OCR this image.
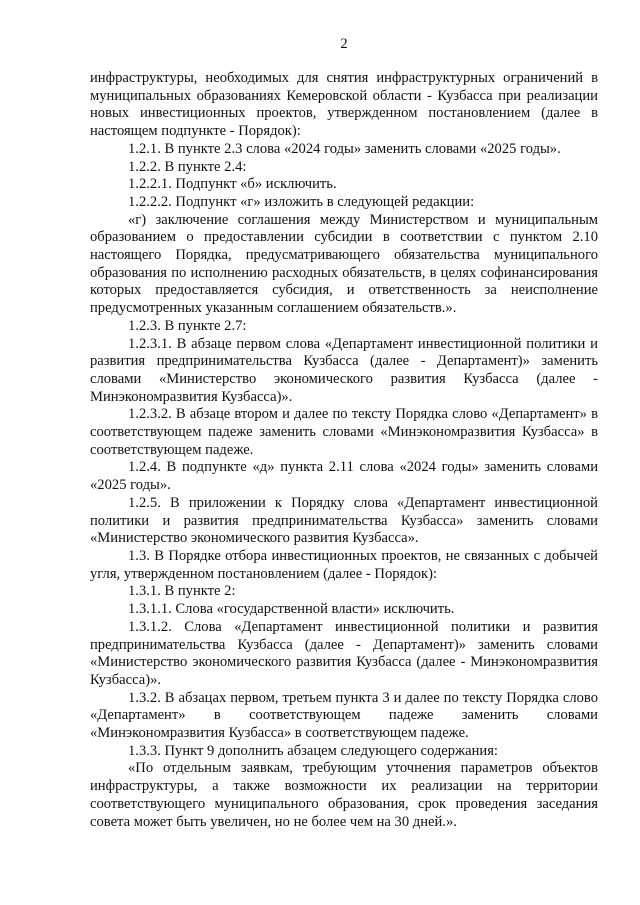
2

инфраструктуры, необходимых для снятия инфраструктурных ограничений в муниципальных образованиях Кемеровской области - Кузбасса при реализации новых инвестиционных проектов, утвержденном постановлением (далее в настоящем подпункте - Порядок):

1.2.1. В пункте 2.3 слова «2024 годы» заменить словами «2025 годы».

1.2.2. В пункте 2.4:

1.2.2.1. Подпункт «б» исключить.

1.2.2.2. Подпункт «г» изложить в следующей редакции:

«г) заключение соглашения между Министерством и муниципальным образованием о предоставлении субсидии в соответствии с пунктом 2.10 настоящего Порядка, предусматривающего обязательства муниципального образования по исполнению расходных обязательств, в целях софинансирования которых предоставляется субсидия, и ответственность за неисполнение предусмотренных указанным соглашением обязательств.».

1.2.3. В пункте 2.7:

1.2.3.1. В абзаце первом слова «Департамент инвестиционной политики и развития предпринимательства Кузбасса (далее - Департамент)» заменить словами «Министерство экономического развития Кузбасса (далее - Минэкономразвития Кузбасса)».

1.2.3.2. В абзаце втором и далее по тексту Порядка слово «Департамент» в соответствующем падеже заменить словами «Минэкономразвития Кузбасса» в соответствующем падеже.

1.2.4. В подпункте «д» пункта 2.11 слова «2024 годы» заменить словами «2025 годы».

1.2.5. В приложении к Порядку слова «Департамент инвестиционной политики и развития предпринимательства Кузбасса» заменить словами «Министерство экономического развития Кузбасса».

1.3. В Порядке отбора инвестиционных проектов, не связанных с добычей угля, утвержденном постановлением (далее - Порядок):

1.3.1. В пункте 2:

1.3.1.1. Слова «государственной власти» исключить.

1.3.1.2. Слова «Департамент инвестиционной политики и развития предпринимательства Кузбасса (далее - Департамент)» заменить словами «Министерство экономического развития Кузбасса (далее - Минэкономразвития Кузбасса)».

1.3.2. В абзацах первом, третьем пункта 3 и далее по тексту Порядка слово «Департамент» в соответствующем падеже заменить словами «Минэкономразвития Кузбасса» в соответствующем падеже.

1.3.3. Пункт 9 дополнить абзацем следующего содержания:

«По отдельным заявкам, требующим уточнения параметров объектов инфраструктуры, а также возможности их реализации на территории соответствующего муниципального образования, срок проведения заседания совета может быть увеличен, но не более чем на 30 дней.».
